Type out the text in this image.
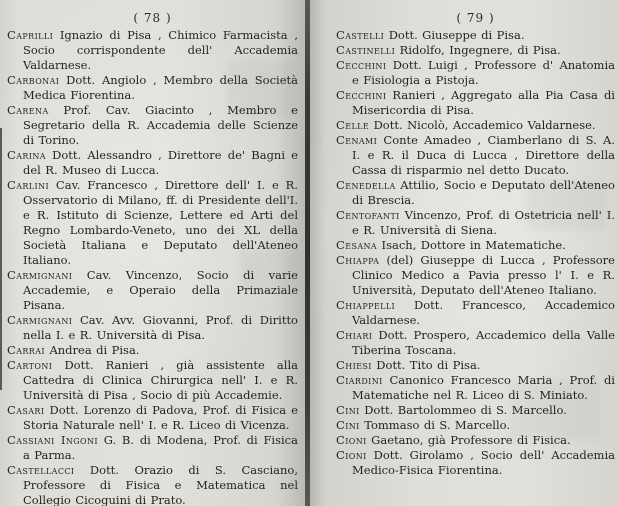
( 78 )

Caprilli Ignazio di Pisa , Chimico Farmacista , Socio corrispondente dell' Accademia Valdarnese.

Carbonai Dott. Angiolo , Membro della Società Medica Fiorentina.

Carena Prof. Cav. Giacinto , Membro e Segretario della R. Accademia delle Scienze di Torino.

Carina Dott. Alessandro , Direttore de' Bagni e del R. Museo di Lucca.

Carlini Cav. Francesco , Direttore dell' I. e R. Osservatorio di Milano, ff. di Presidente dell'I. e R. Istituto di Scienze, Lettere ed Arti del Regno Lombardo-Veneto, uno dei XL della Società Italiana e Deputato dell'Ateneo Italiano.

Carmignani Cav. Vincenzo, Socio di varie Accademie, e Operaio della Primaziale Pisana.

Carmignani Cav. Avv. Giovanni, Prof. di Diritto nella I. e R. Università di Pisa.

Carrai Andrea di Pisa.

Cartoni Dott. Ranieri , già assistente alla Cattedra di Clinica Chirurgica nell' I. e R. Università di Pisa , Socio di più Accademie.

Casari Dott. Lorenzo di Padova, Prof. di Fisica e Storia Naturale nell' I. e R. Liceo di Vicenza.

Cassiani Ingoni G. B. di Modena, Prof. di Fisica a Parma.

Castellacci Dott. Orazio di S. Casciano, Professore di Fisica e Matematica nel Collegio Cicoguini di Prato.

( 79 )

Castelli Dott. Giuseppe di Pisa.

Castinelli Ridolfo, Ingegnere, di Pisa.

Cecchini Dott. Luigi , Professore d' Anatomia e Fisiologia a Pistoja.

Cecchini Ranieri , Aggregato alla Pia Casa di Misericordia di Pisa.

Celle Dott. Nicolò, Accademico Valdarnese.

Cenami Conte Amadeo , Ciamberlano di S. A. I. e R. il Duca di Lucca , Direttore della Cassa di risparmio nel detto Ducato.

Cenedella Attilio, Socio e Deputato dell'Ateneo di Brescia.

Centofanti Vincenzo, Prof. di Ostetricia nell' I. e R. Università di Siena.

Cesana Isach, Dottore in Matematiche.

Chiappa (del) Giuseppe di Lucca , Professore Clinico Medico a Pavia presso l' I. e R. Università, Deputato dell'Ateneo Italiano.

Chiappelli Dott. Francesco, Accademico Valdarnese.

Chiari Dott. Prospero, Accademico della Valle Tiberina Toscana.

Chiesi Dott. Tito di Pisa.

Ciardini Canonico Francesco Maria , Prof. di Matematiche nel R. Liceo di S. Miniato.

Cini Dott. Bartolommeo di S. Marcello.

Cini Tommaso di S. Marcello.

Cioni Gaetano, già Professore di Fisica.

Cioni Dott. Girolamo , Socio dell' Accademia Medico-Fisica Fiorentina.
